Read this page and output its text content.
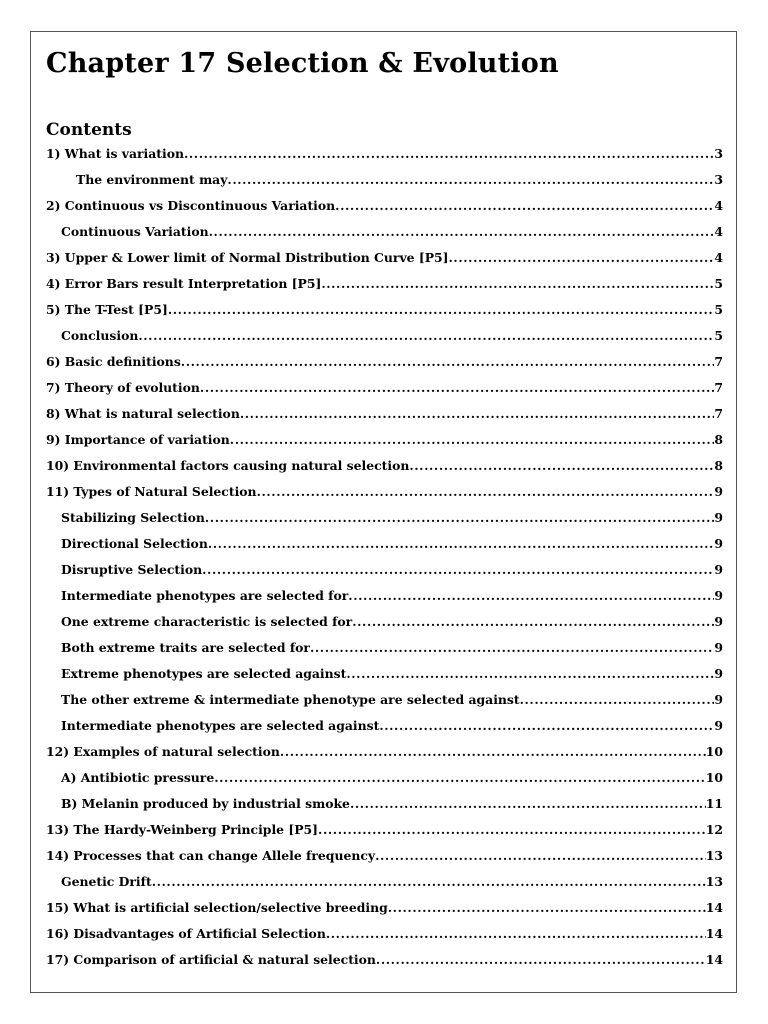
Chapter 17 Selection & Evolution
Contents
1) What is variation .....	3
The environment may .....	3
2) Continuous vs Discontinuous Variation .....	4
Continuous Variation .....	4
3) Upper & Lower limit of Normal Distribution Curve [P5] .....	4
4) Error Bars result Interpretation [P5] .....	5
5) The T-Test [P5] .....	5
Conclusion .....	5
6) Basic definitions .....	7
7) Theory of evolution .....	7
8) What is natural selection .....	7
9) Importance of variation .....	8
10) Environmental factors causing natural selection .....	8
11) Types of Natural Selection .....	9
Stabilizing Selection .....	9
Directional Selection .....	9
Disruptive Selection .....	9
Intermediate phenotypes are selected for .....	9
One extreme characteristic is selected for .....	9
Both extreme traits are selected for .....	9
Extreme phenotypes are selected against .....	9
The other extreme & intermediate phenotype are selected against .....	9
Intermediate phenotypes are selected against .....	9
12) Examples of natural selection .....	10
A) Antibiotic pressure .....	10
B) Melanin produced by industrial smoke .....	11
13) The Hardy-Weinberg Principle [P5] .....	12
14) Processes that can change Allele frequency .....	13
Genetic Drift .....	13
15) What is artificial selection/selective breeding .....	14
16) Disadvantages of Artificial Selection .....	14
17) Comparison of artificial & natural selection .....	14
